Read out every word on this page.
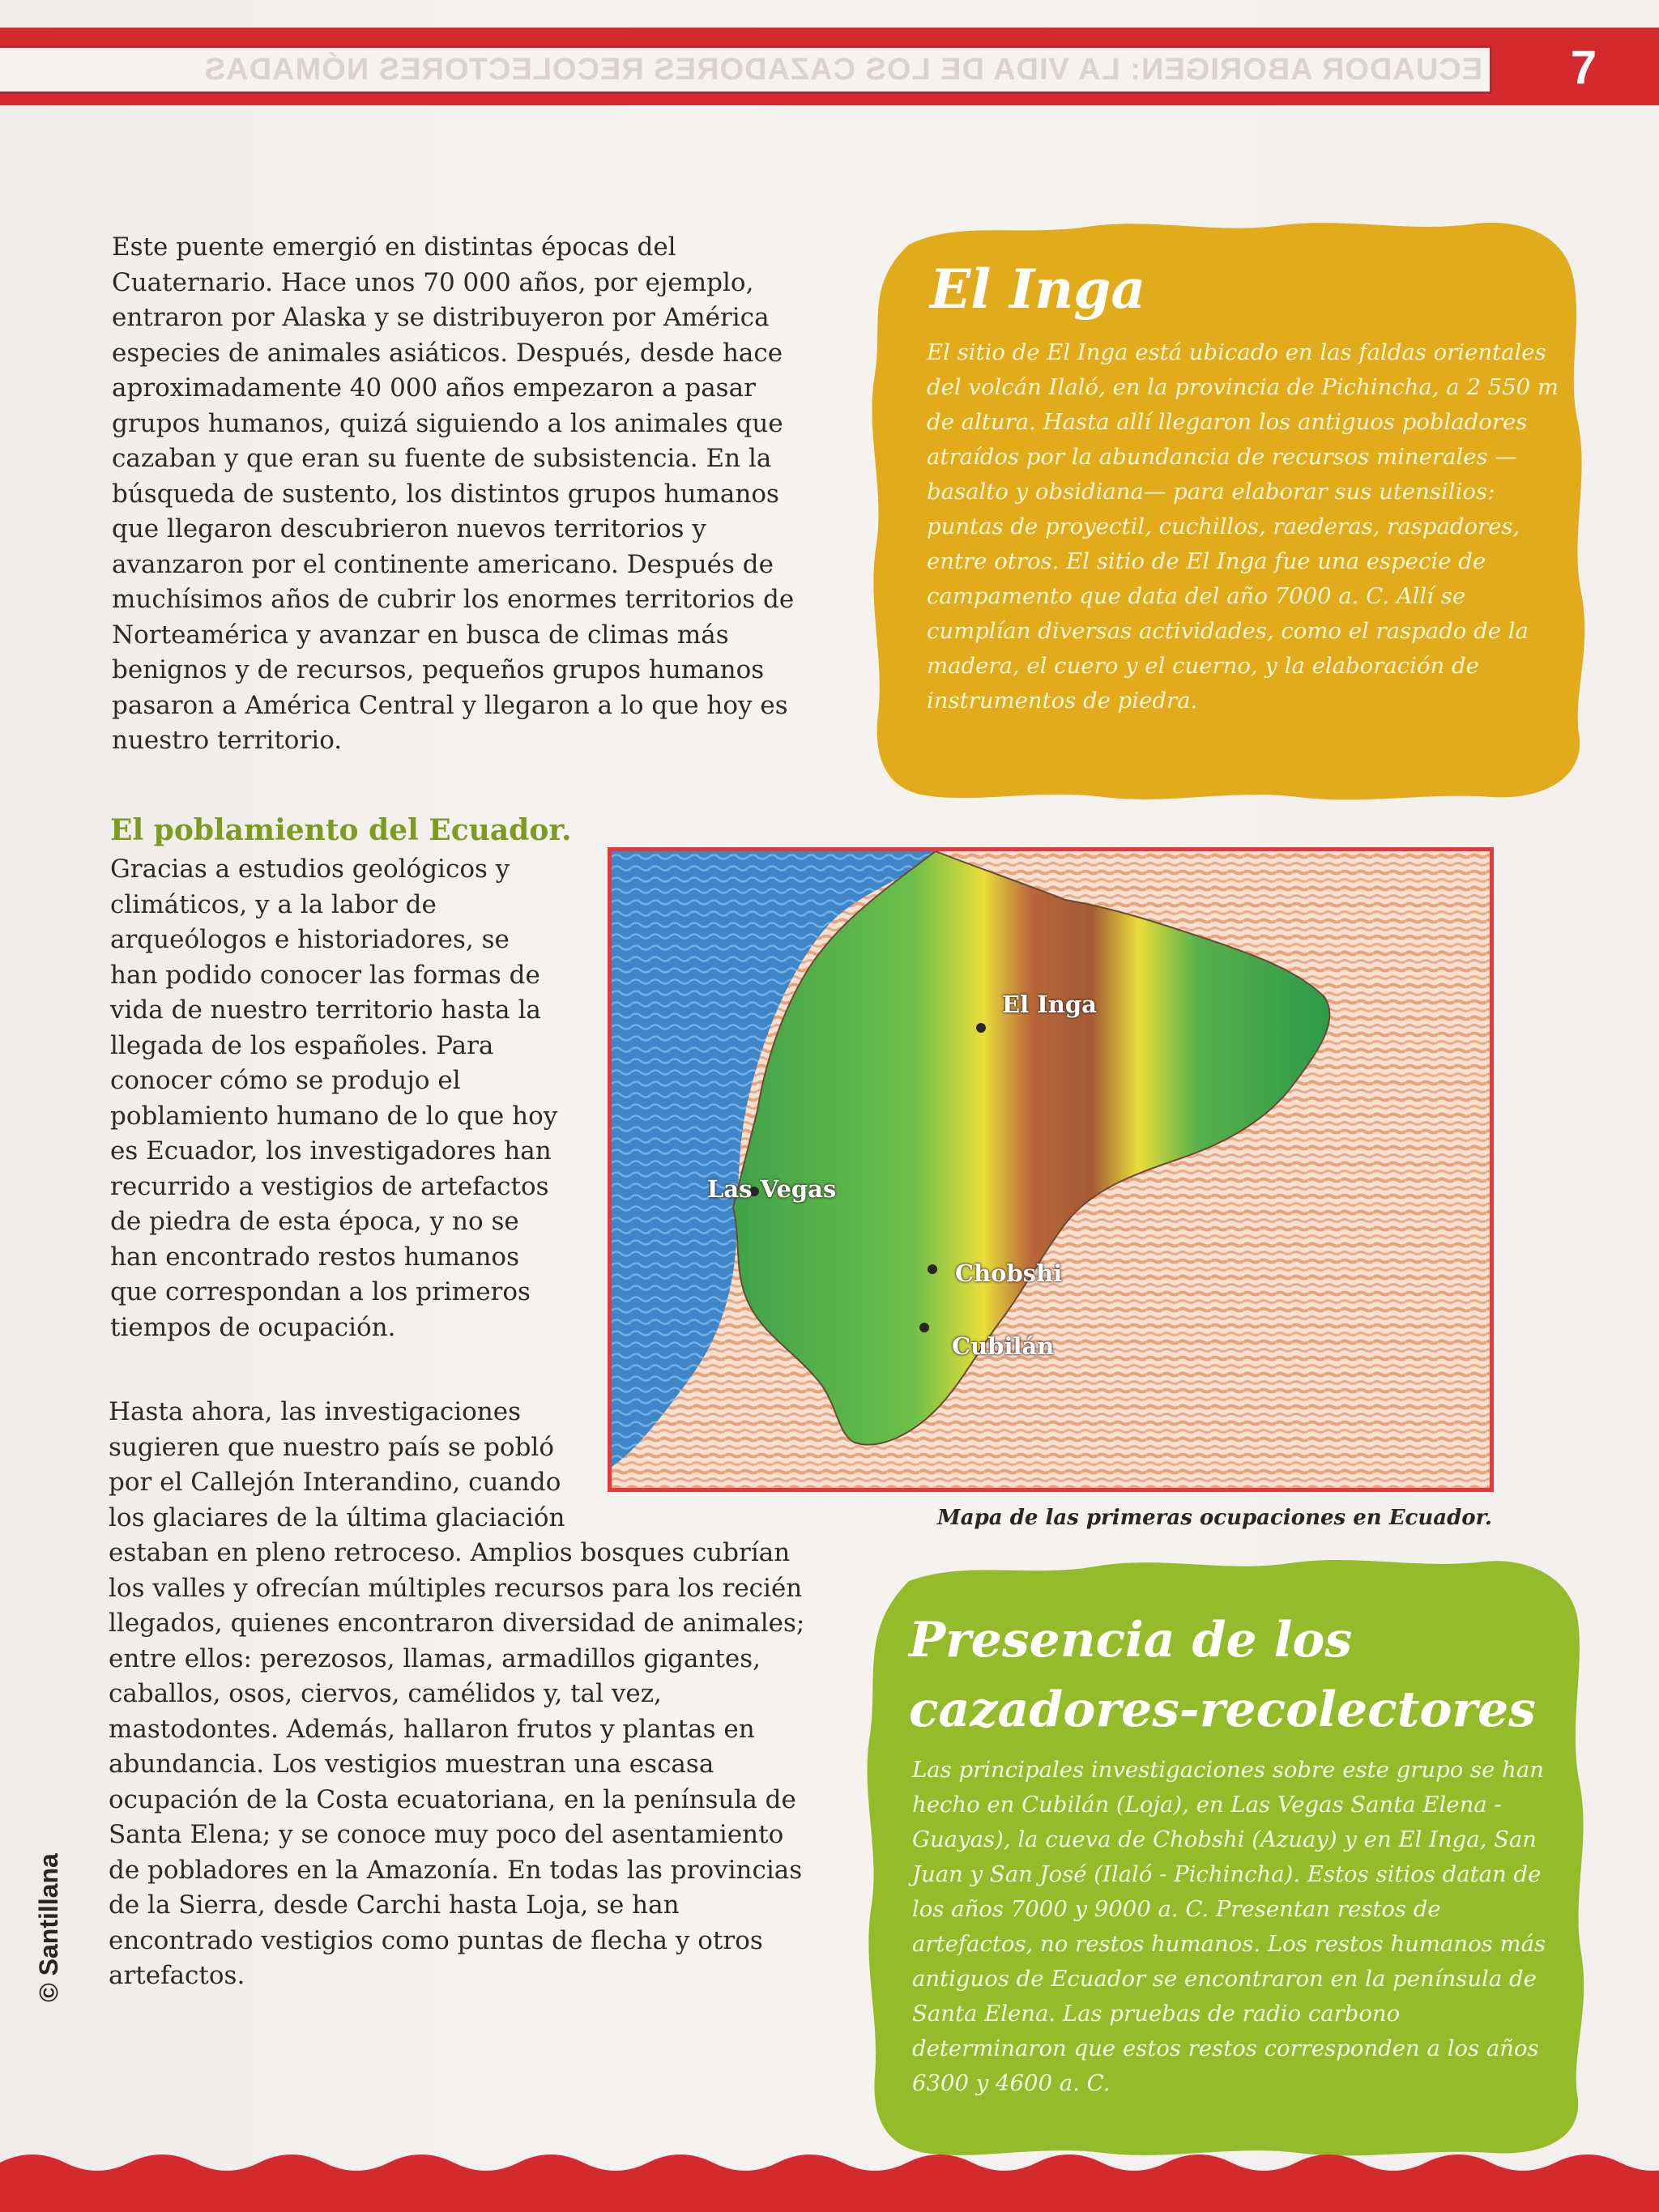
ECUADOR ABORIGEN: LA VIDA DE LOS CAZADORES RECOLECTORES NÓMADAS	7

Este puente emergió en distintas épocas del Cuaternario. Hace unos 70 000 años, por ejemplo, entraron por Alaska y se distribuyeron por América especies de animales asiáticos. Después, desde hace aproximadamente 40 000 años empezaron a pasar grupos humanos, quizá siguiendo a los animales que cazaban y que eran su fuente de subsistencia. En la búsqueda de sustento, los distintos grupos humanos que llegaron descubrieron nuevos territorios y avanzaron por el continente americano. Después de muchísimos años de cubrir los enormes territorios de Norteamérica y avanzar en busca de climas más benignos y de recursos, pequeños grupos humanos pasaron a América Central y llegaron a lo que hoy es nuestro territorio.

El poblamiento del Ecuador.

Gracias a estudios geológicos y climáticos, y a la labor de arqueólogos e historiadores, se han podido conocer las formas de vida de nuestro territorio hasta la llegada de los españoles. Para conocer cómo se produjo el poblamiento humano de lo que hoy es Ecuador, los investigadores han recurrido a vestigios de artefactos de piedra de esta época, y no se han encontrado restos humanos que correspondan a los primeros tiempos de ocupación.

Hasta ahora, las investigaciones sugieren que nuestro país se pobló por el Callejón Interandino, cuando los glaciares de la última glaciación estaban en pleno retroceso. Amplios bosques cubrían los valles y ofrecían múltiples recursos para los recién llegados, quienes encontraron diversidad de animales; entre ellos: perezosos, llamas, armadillos gigantes, caballos, osos, ciervos, camélidos y, tal vez, mastodontes. Además, hallaron frutos y plantas en abundancia. Los vestigios muestran una escasa ocupación de la Costa ecuatoriana, en la península de Santa Elena; y se conoce muy poco del asentamiento de pobladores en la Amazonía. En todas las provincias de la Sierra, desde Carchi hasta Loja, se han encontrado vestigios como puntas de flecha y otros artefactos.

El Inga

El sitio de El Inga está ubicado en las faldas orientales del volcán Ilaló, en la provincia de Pichincha, a 2 550 m de altura. Hasta allí llegaron los antiguos pobladores atraídos por la abundancia de recursos minerales —basalto y obsidiana— para elaborar sus utensilios: puntas de proyectil, cuchillos, raederas, raspadores, entre otros. El sitio de El Inga fue una especie de campamento que data del año 7000 a. C. Allí se cumplían diversas actividades, como el raspado de la madera, el cuero y el cuerno, y la elaboración de instrumentos de piedra.

El Inga
Las Vegas
Chobshi
Cubilán

Mapa de las primeras ocupaciones en Ecuador.

Presencia de los
cazadores-recolectores

Las principales investigaciones sobre este grupo se han hecho en Cubilán (Loja), en Las Vegas Santa Elena - Guayas), la cueva de Chobshi (Azuay) y en El Inga, San Juan y San José (Ilaló - Pichincha). Estos sitios datan de los años 7000 y 9000 a. C. Presentan restos de artefactos, no restos humanos. Los restos humanos más antiguos de Ecuador se encontraron en la península de Santa Elena. Las pruebas de radio carbono determinaron que estos restos corresponden a los años 6300 y 4600 a. C.

© Santillana
